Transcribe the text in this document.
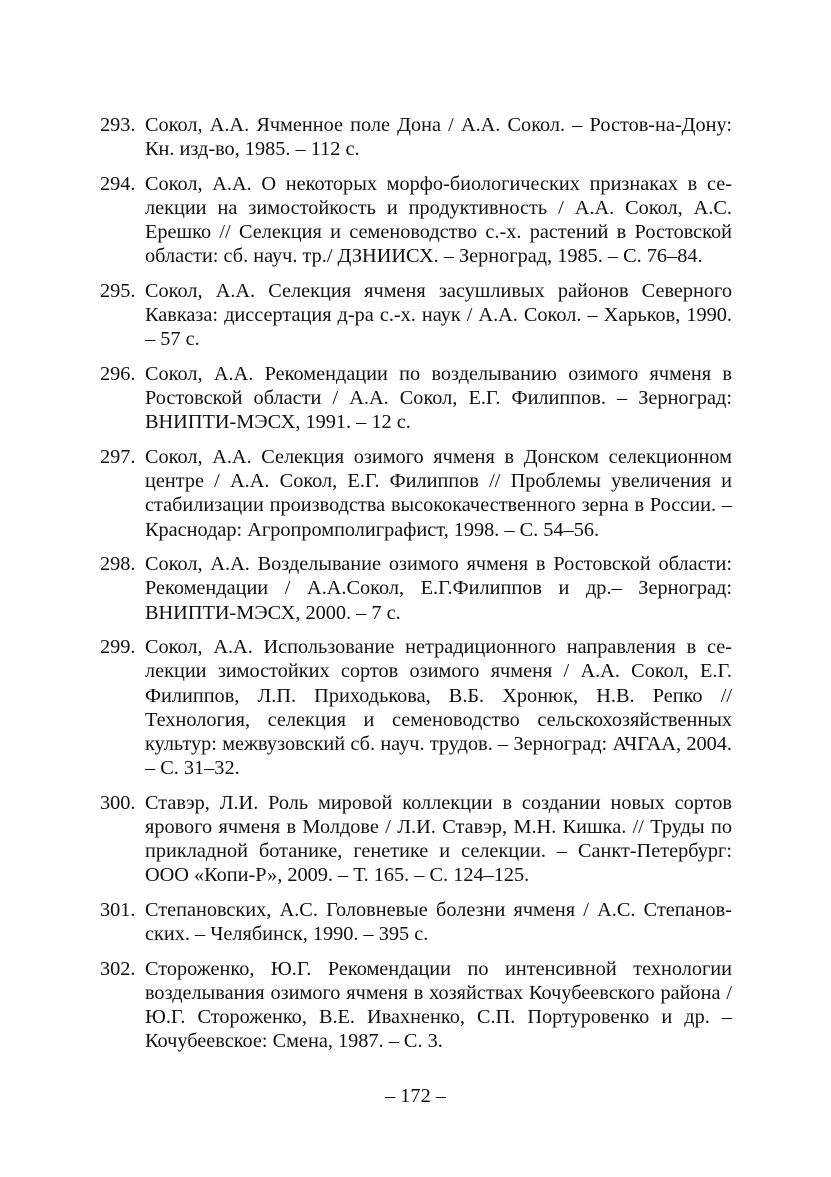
293. Сокол, А.А. Ячменное поле Дона / А.А. Сокол. – Ростов-на-Дону: Кн. изд-во, 1985. – 112 с.
294. Сокол, А.А. О некоторых морфо-биологических признаках в селекции на зимостойкость и продуктивность / А.А. Сокол, А.С. Ерешко // Селекция и семеноводство с.-х. растений в Ростовской области: сб. науч. тр./ ДЗНИИСХ. – Зерноград, 1985. – С. 76–84.
295. Сокол, А.А. Селекция ячменя засушливых районов Северного Кавказа: диссертация д-ра с.-х. наук / А.А. Сокол. – Харьков, 1990. – 57 с.
296. Сокол, А.А. Рекомендации по возделыванию озимого ячменя в Ростовской области / А.А. Сокол, Е.Г. Филиппов. – Зерноград: ВНИПТИ-МЭСХ, 1991. – 12 с.
297. Сокол, А.А. Селекция озимого ячменя в Донском селекционном центре / А.А. Сокол, Е.Г. Филиппов // Проблемы увеличения и стабилизации производства высококачественного зерна в России. – Краснодар: Агропромполиграфист, 1998. – С. 54–56.
298. Сокол, А.А. Возделывание озимого ячменя в Ростовской области: Рекомендации / А.А.Сокол, Е.Г.Филиппов и др.– Зерноград: ВНИПТИ-МЭСХ, 2000. – 7 с.
299. Сокол, А.А. Использование нетрадиционного направления в селекции зимостойких сортов озимого ячменя / А.А. Сокол, Е.Г. Филиппов, Л.П. Приходькова, В.Б. Хронюк, Н.В. Репко // Технология, селекция и семеноводство сельскохозяйственных культур: межвузовский сб. науч. трудов. – Зерноград: АЧГАА, 2004. – С. 31–32.
300. Ставэр, Л.И. Роль мировой коллекции в создании новых сортов ярового ячменя в Молдове / Л.И. Ставэр, М.Н. Кишка. // Труды по прикладной ботанике, генетике и селекции. – Санкт-Петербург: ООО «Копи-Р», 2009. – Т. 165. – С. 124–125.
301. Степановских, А.С. Головневые болезни ячменя / А.С. Степановских. – Челябинск, 1990. – 395 с.
302. Стороженко, Ю.Г. Рекомендации по интенсивной технологии возделывания озимого ячменя в хозяйствах Кочубеевского района / Ю.Г. Стороженко, В.Е. Ивахненко, С.П. Портуровенко и др. – Кочубеевское: Смена, 1987. – С. 3.
– 172 –
